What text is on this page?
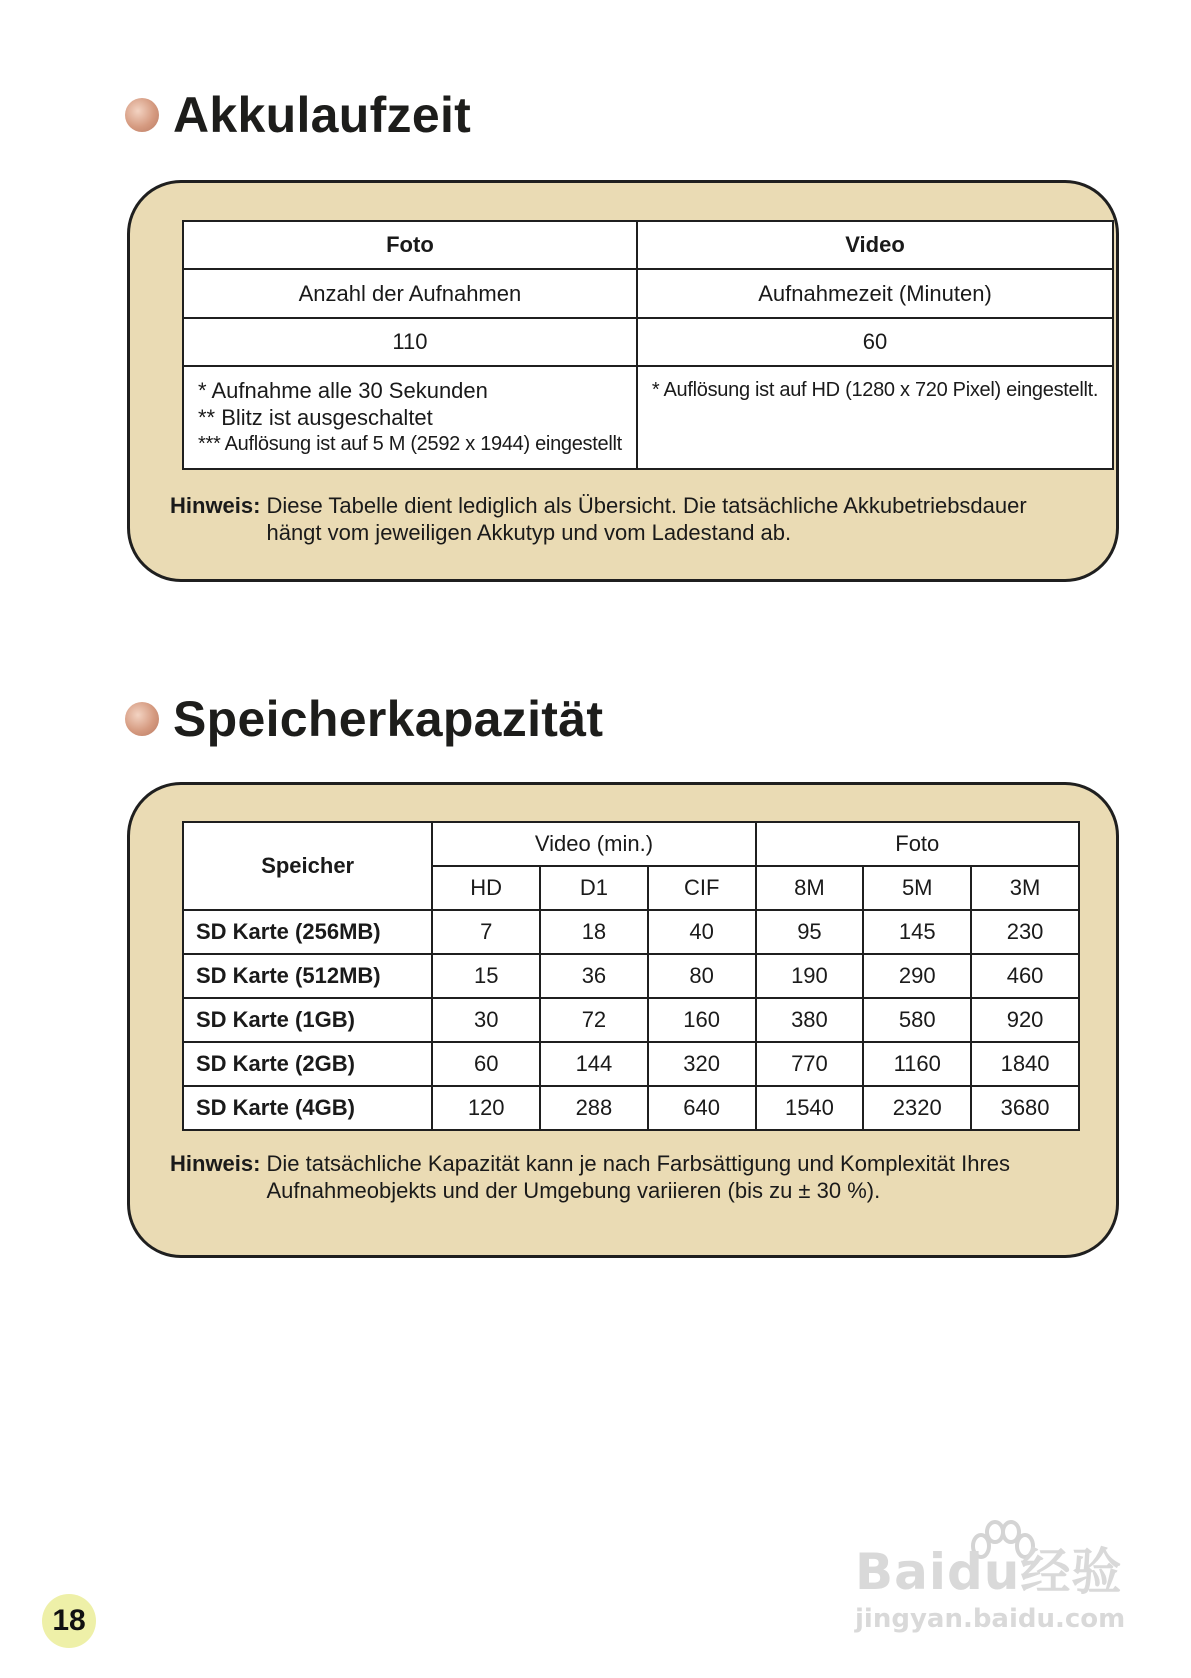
Akkulaufzeit
Foto	Video
Anzahl der Aufnahmen	Aufnahmezeit (Minuten)
110	60

* Aufnahme alle 30 Sekunden
** Blitz ist ausgeschaltet
*** Auflösung ist auf 5 M (2592 x 1944) eingestellt	* Auflösung ist auf HD (1280 x 720 Pixel) eingestellt.
Hinweis: Diese Tabelle dient lediglich als Übersicht. Die tatsächliche Akkubetriebsdauer hängt vom jeweiligen Akkutyp und vom Ladestand ab.
Speicherkapazität
Speicher	Video (min.)			Foto		
	HD	D1	CIF	8M	5M	3M
SD Karte (256MB)	7	18	40	95	145	230
SD Karte (512MB)	15	36	80	190	290	460
SD Karte (1GB)	30	72	160	380	580	920
SD Karte (2GB)	60	144	320	770	1160	1840
SD Karte (4GB)	120	288	640	1540	2320	3680
Hinweis: Die tatsächliche Kapazität kann je nach Farbsättigung und Komplexität Ihres Aufnahmeobjekts und der Umgebung variieren (bis zu ± 30 %).
18
Baidu经验
jingyan.baidu.com
